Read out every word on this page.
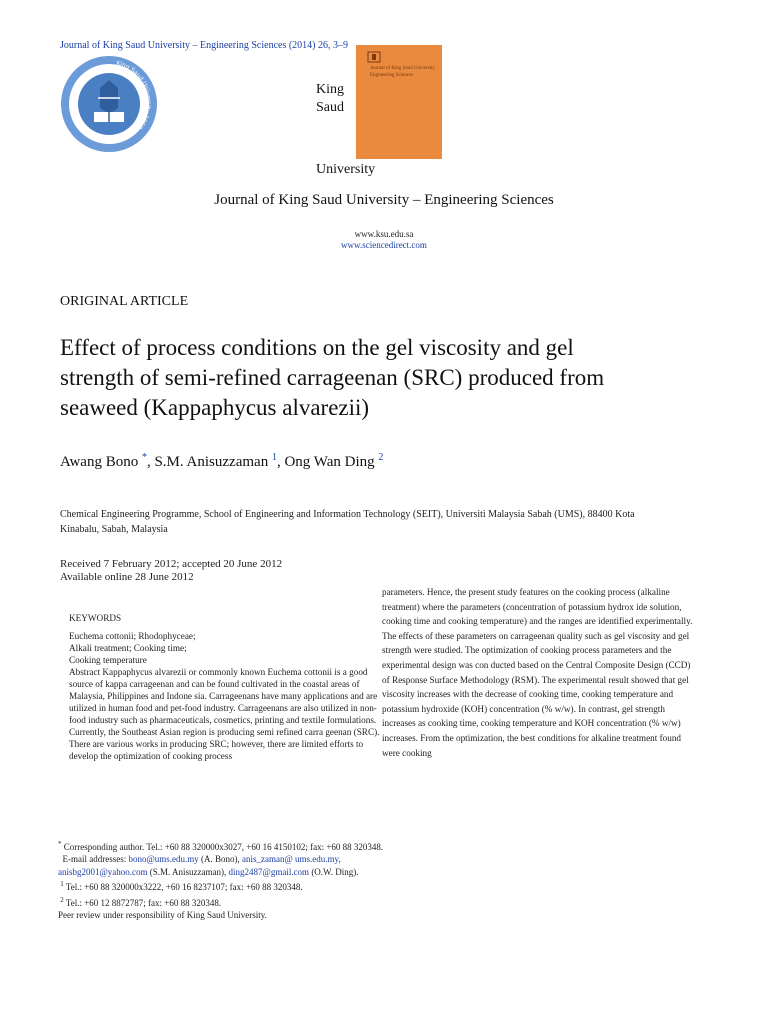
Journal of King Saud University – Engineering Sciences (2014) 26, 3–9
King Saud University 1957
King
Saud
University
Journal of King Saud University Engineering Sciences
Journal of King Saud University – Engineering Sciences
www.ksu.edu.sa
www.sciencedirect.com
ORIGINAL ARTICLE
Effect of process conditions on the gel viscosity and gel strength of semi-refined carrageenan (SRC) produced from seaweed (Kappaphycus alvarezii)
Awang Bono *, S.M. Anisuzzaman $^1$, Ong Wan Ding $^2$
Chemical Engineering Programme, School of Engineering and Information Technology (SEIT), Universiti Malaysia Sabah (UMS), 88400 Kota Kinabalu, Sabah, Malaysia
Received 7 February 2012; accepted 20 June 2012
Available online 28 June 2012
KEYWORDS
Euchema cottonii; Rhodophyceae;
Alkali treatment; Cooking time;
Cooking temperature
Abstract Kappaphycus alvarezii or commonly known Euchema cottonii is a good source of kappa carrageenan and can be found cultivated in the coastal areas of Malaysia, Philippines and Indone sia. Carrageenans have many applications and are utilized in human food and pet-food industry. Carrageenans are also utilized in non-food industry such as pharmaceuticals, cosmetics, printing and textile formulations. Currently, the Southeast Asian region is producing semi refined carra geenan (SRC). There are various works in producing SRC; however, there are limited efforts to develop the optimization of cooking process
parameters. Hence, the present study features on the cooking process (alkaline treatment) where the parameters (concentration of potassium hydrox ide solution, cooking time and cooking temperature) and the ranges are identified experimentally. The effects of these parameters on carrageenan quality such as gel viscosity and gel strength were studied. The optimization of cooking process parameters and the experimental design was con ducted based on the Central Composite Design (CCD) of Response Surface Methodology (RSM). The experimental result showed that gel viscosity increases with the decrease of cooking time, cooking temperature and potassium hydroxide (KOH) concentration (% w/w). In contrast, gel strength increases as cooking time, cooking temperature and KOH concentration (% w/w) increases. From the optimization, the best conditions for alkaline treatment found were cooking
* Corresponding author. Tel.: +60 88 320000x3027, +60 16 4150102; fax: +60 88 320348.
E-mail addresses: bono@ums.edu.my (A. Bono), anis_zaman@ ums.edu.my, anisbg2001@yahoo.com (S.M. Anisuzzaman), ding2487@gmail.com (O.W. Ding).
$^1$ Tel.: +60 88 320000x3222, +60 16 8237107; fax: +60 88 320348.
$^2$ Tel.: +60 12 8872787; fax: +60 88 320348.
Peer review under responsibility of King Saud University.
